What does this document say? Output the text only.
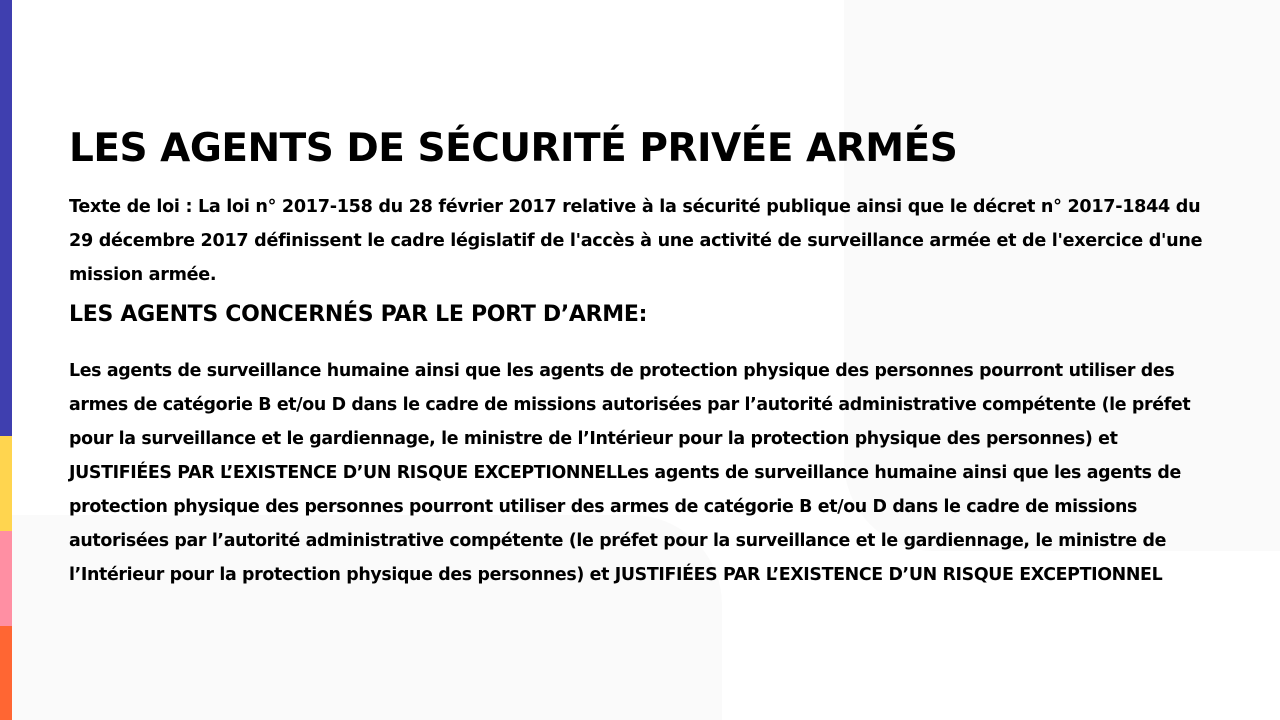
LES AGENTS DE SÉCURITÉ PRIVÉE ARMÉS

Texte de loi : La loi n° 2017-158 du 28 février 2017 relative à la sécurité publique ainsi que le décret n° 2017-1844 du 29 décembre 2017 définissent le cadre législatif de l'accès à une activité de surveillance armée et de l'exercice d'une mission armée.

LES AGENTS CONCERNÉS PAR LE PORT D’ARME:

Les agents de surveillance humaine ainsi que les agents de protection physique des personnes pourront utiliser des armes de catégorie B et/ou D dans le cadre de missions autorisées par l’autorité administrative compétente (le préfet pour la surveillance et le gardiennage, le ministre de l’Intérieur pour la protection physique des personnes) et JUSTIFIÉES PAR L’EXISTENCE D’UN RISQUE EXCEPTIONNELLes agents de surveillance humaine ainsi que les agents de protection physique des personnes pourront utiliser des armes de catégorie B et/ou D dans le cadre de missions autorisées par l’autorité administrative compétente (le préfet pour la surveillance et le gardiennage, le ministre de l’Intérieur pour la protection physique des personnes) et JUSTIFIÉES PAR L’EXISTENCE D’UN RISQUE EXCEPTIONNEL
